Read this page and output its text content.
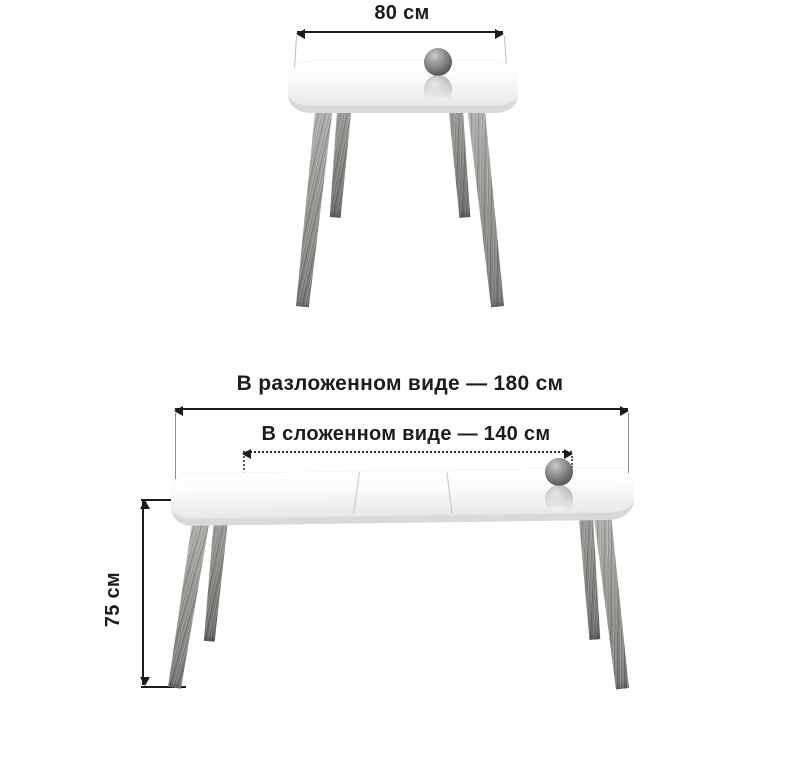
80 см
В разложенном виде — 180 см
В сложенном виде — 140 см
75 см
